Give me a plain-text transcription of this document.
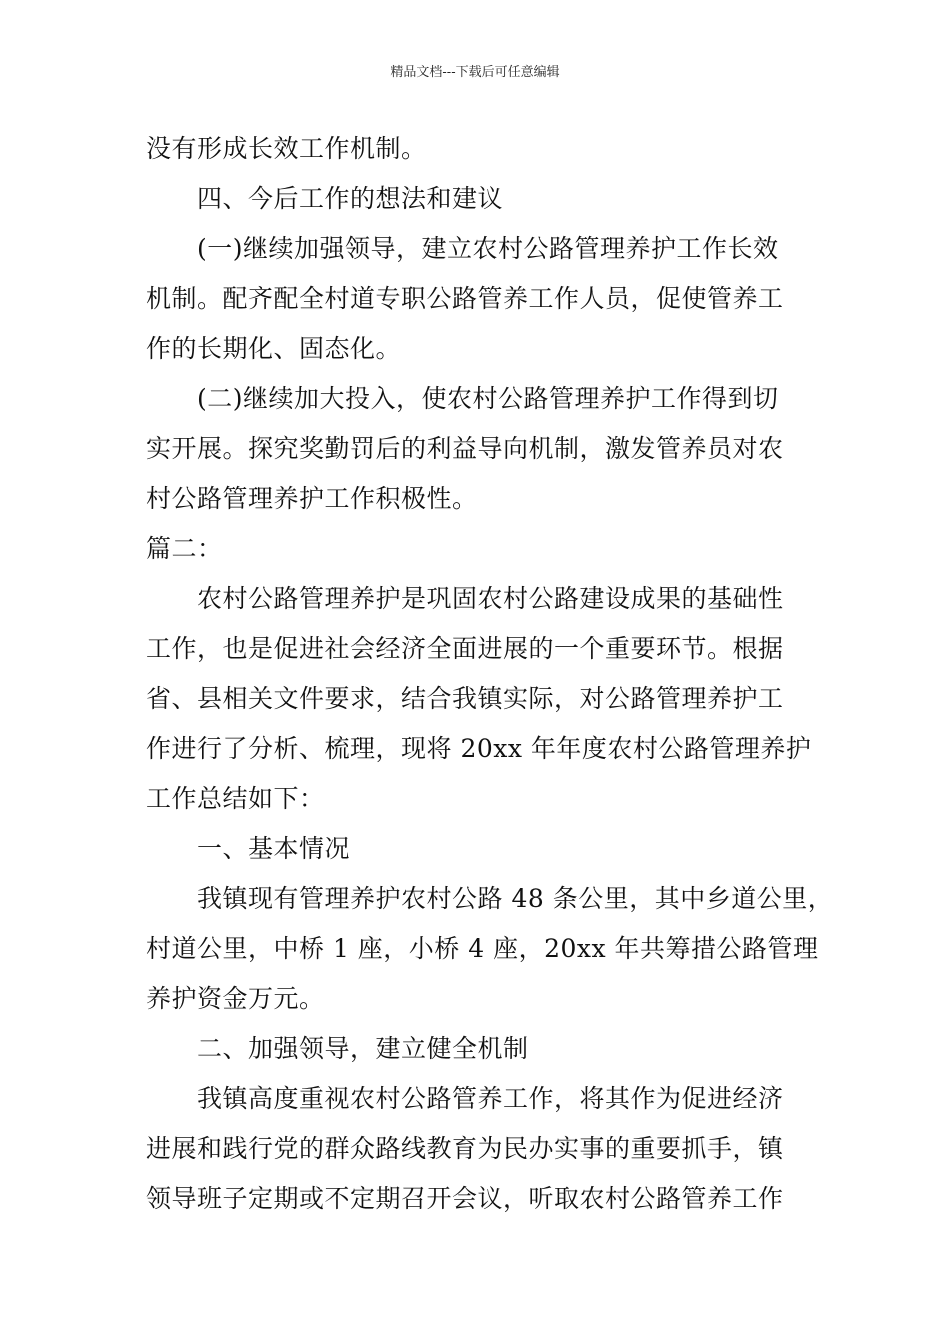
精品文档---下载后可任意编辑
没有形成长效工作机制。
四、今后工作的想法和建议
(一)继续加强领导，建立农村公路管理养护工作长效
机制。配齐配全村道专职公路管养工作人员，促使管养工
作的长期化、固态化。
(二)继续加大投入，使农村公路管理养护工作得到切
实开展。探究奖勤罚后的利益导向机制，激发管养员对农
村公路管理养护工作积极性。
篇二：
农村公路管理养护是巩固农村公路建设成果的基础性
工作，也是促进社会经济全面进展的一个重要环节。根据
省、县相关文件要求，结合我镇实际，对公路管理养护工
作进行了分析、梳理，现将 20xx 年年度农村公路管理养护
工作总结如下：
一、基本情况
我镇现有管理养护农村公路 48 条公里，其中乡道公里，
村道公里，中桥 1 座，小桥 4 座，20xx 年共筹措公路管理
养护资金万元。
二、加强领导，建立健全机制
我镇高度重视农村公路管养工作，将其作为促进经济
进展和践行党的群众路线教育为民办实事的重要抓手，镇
领导班子定期或不定期召开会议，听取农村公路管养工作
